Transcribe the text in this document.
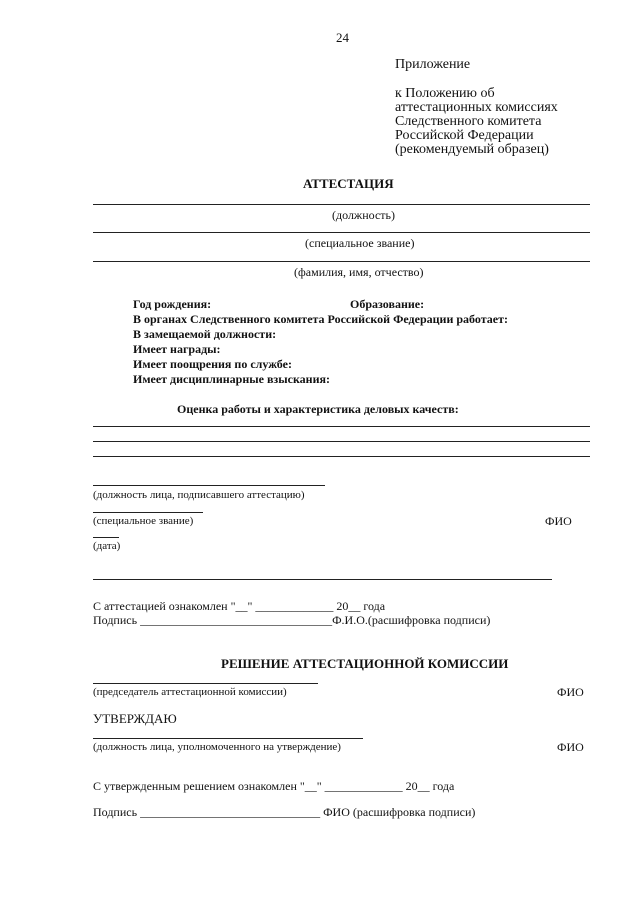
24
Приложение
к Положению об
аттестационных комиссиях
Следственного комитета
Российской Федерации
(рекомендуемый образец)
АТТЕСТАЦИЯ
(должность)
(специальное звание)
(фамилия, имя, отчество)
Год рождения:	Образование:
В органах Следственного комитета Российской Федерации работает:
В замещаемой должности:
Имеет награды:
Имеет поощрения по службе:
Имеет дисциплинарные взыскания:
Оценка работы и характеристика деловых качеств:
(должность лица, подписавшего аттестацию)
(специальное звание)	ФИО
(дата)
С аттестацией ознакомлен "__" _____________ 20__ года
Подпись ________________________________Ф.И.О.(расшифровка подписи)
РЕШЕНИЕ АТТЕСТАЦИОННОЙ КОМИССИИ
(председатель аттестационной комиссии)	ФИО
УТВЕРЖДАЮ
(должность лица, уполномоченного на утверждение)	ФИО
С утвержденным решением ознакомлен "__" _____________ 20__ года
Подпись ______________________________ ФИО (расшифровка подписи)
